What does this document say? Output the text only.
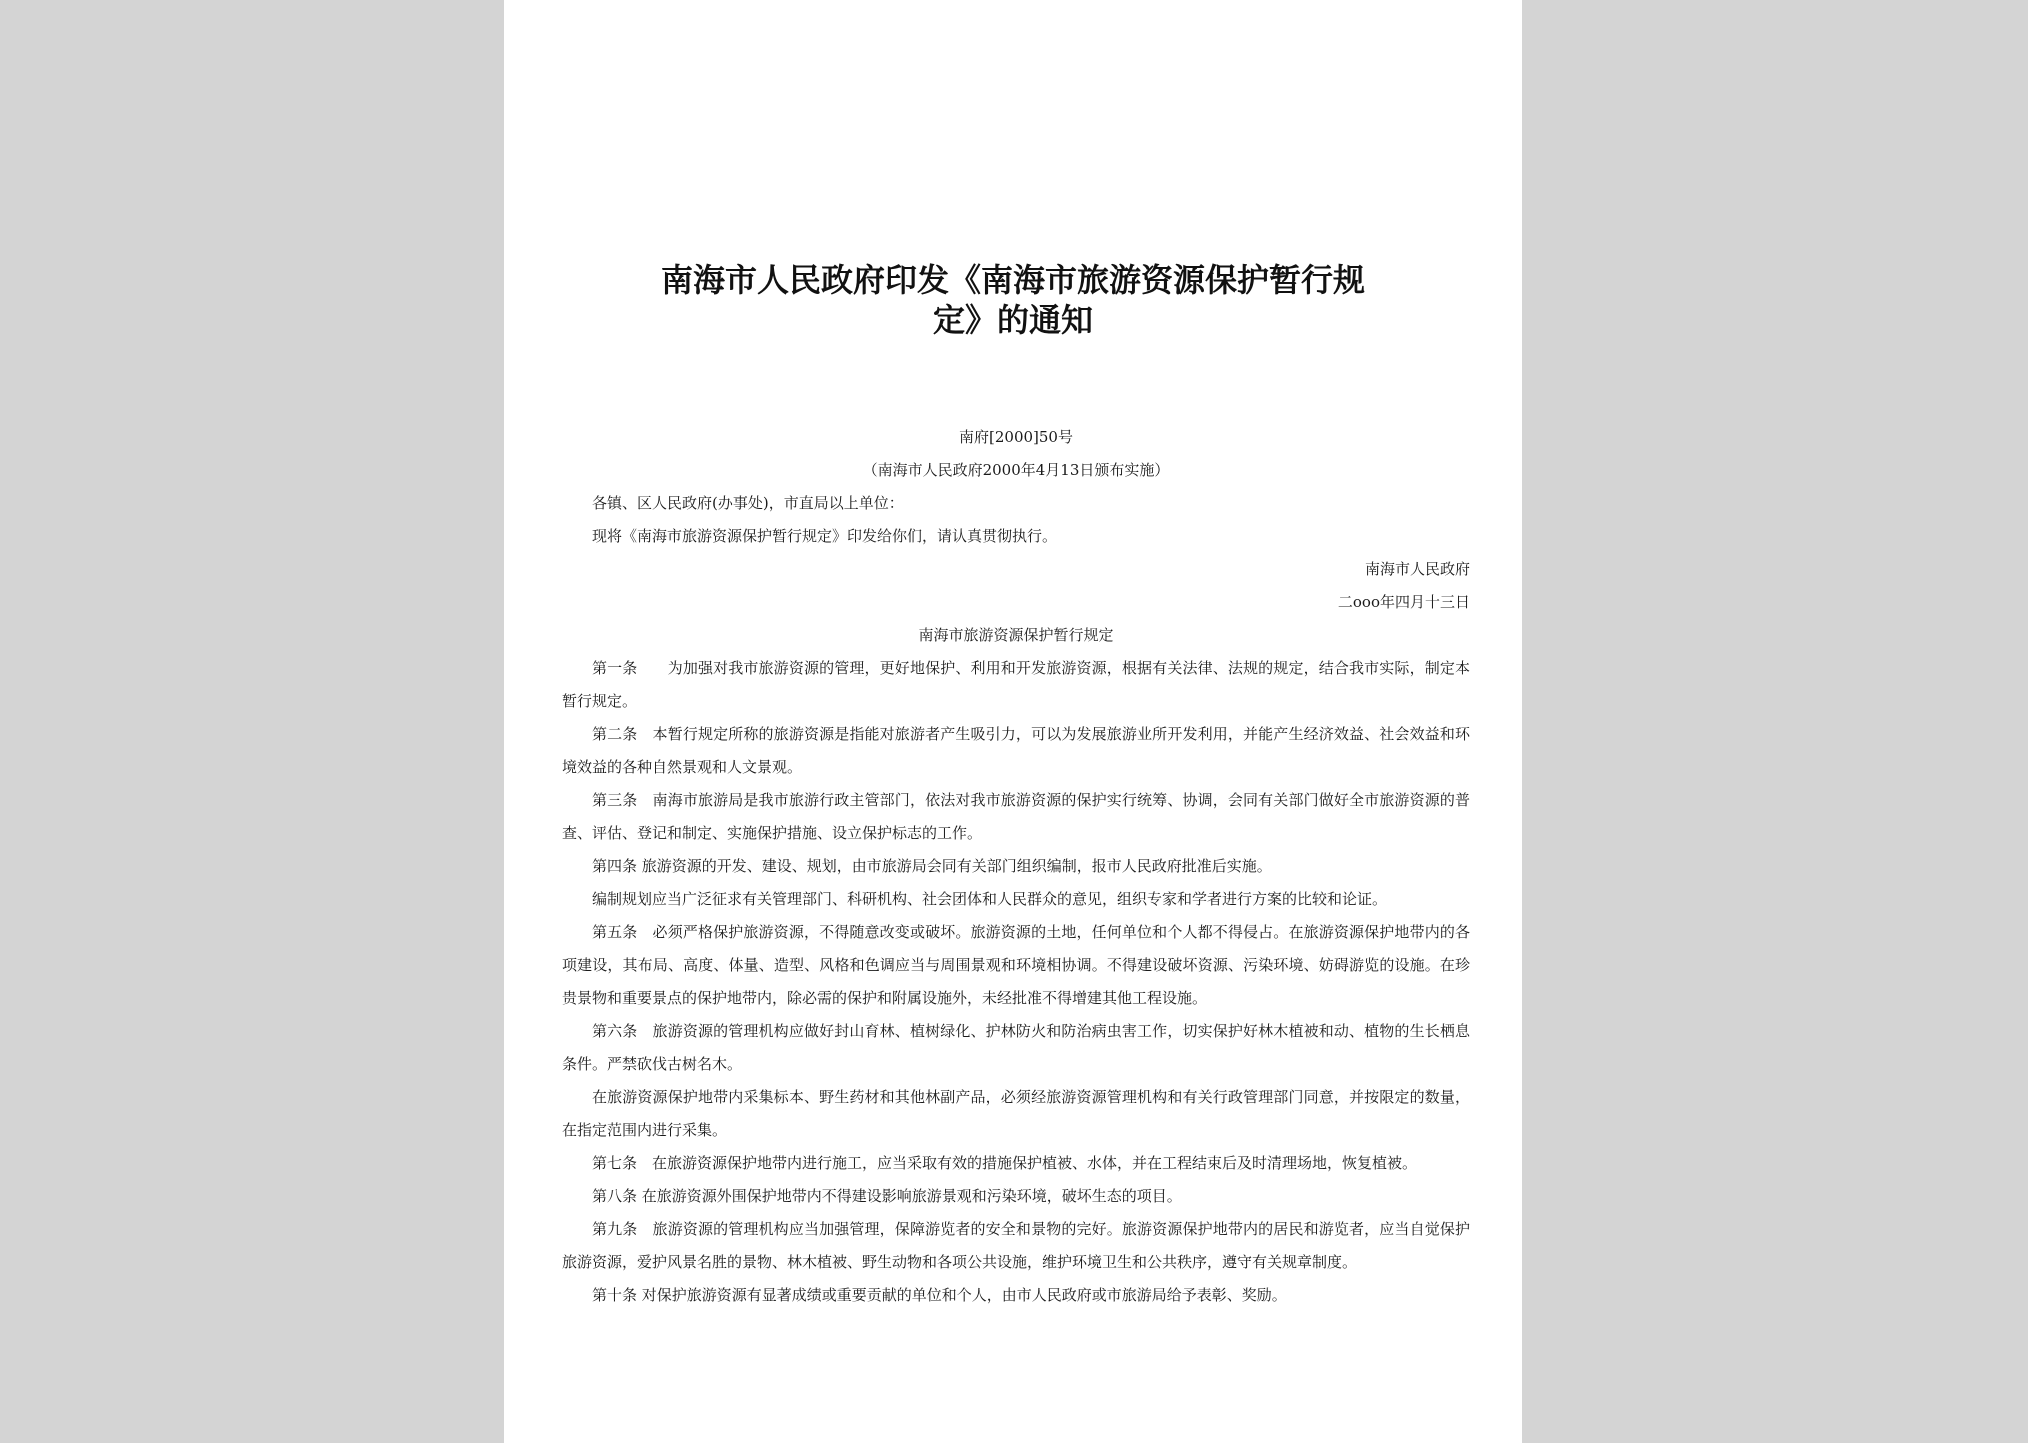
南海市人民政府印发《南海市旅游资源保护暂行规
定》的通知
南府[2000]50号
（南海市人民政府2000年4月13日颁布实施）

各镇、区人民政府(办事处)，市直局以上单位：

现将《南海市旅游资源保护暂行规定》印发给你们，请认真贯彻执行。

南海市人民政府
二ooo年四月十三日
南海市旅游资源保护暂行规定

第一条　　为加强对我市旅游资源的管理，更好地保护、利用和开发旅游资源，根据有关法律、法规的规定，结合我市实际，制定本暂行规定。

第二条　本暂行规定所称的旅游资源是指能对旅游者产生吸引力，可以为发展旅游业所开发利用，并能产生经济效益、社会效益和环境效益的各种自然景观和人文景观。

第三条　南海市旅游局是我市旅游行政主管部门，依法对我市旅游资源的保护实行统筹、协调，会同有关部门做好全市旅游资源的普查、评估、登记和制定、实施保护措施、设立保护标志的工作。

第四条 旅游资源的开发、建设、规划，由市旅游局会同有关部门组织编制，报市人民政府批准后实施。

编制规划应当广泛征求有关管理部门、科研机构、社会团体和人民群众的意见，组织专家和学者进行方案的比较和论证。

第五条　必须严格保护旅游资源，不得随意改变或破坏。旅游资源的土地，任何单位和个人都不得侵占。在旅游资源保护地带内的各项建设，其布局、高度、体量、造型、风格和色调应当与周围景观和环境相协调。不得建设破坏资源、污染环境、妨碍游览的设施。在珍贵景物和重要景点的保护地带内，除必需的保护和附属设施外，未经批准不得增建其他工程设施。

第六条　旅游资源的管理机构应做好封山育林、植树绿化、护林防火和防治病虫害工作，切实保护好林木植被和动、植物的生长栖息条件。严禁砍伐古树名木。

在旅游资源保护地带内采集标本、野生药材和其他林副产品，必须经旅游资源管理机构和有关行政管理部门同意，并按限定的数量，在指定范围内进行采集。

第七条　在旅游资源保护地带内进行施工，应当采取有效的措施保护植被、水体，并在工程结束后及时清理场地，恢复植被。

第八条 在旅游资源外围保护地带内不得建设影响旅游景观和污染环境，破坏生态的项目。

第九条　旅游资源的管理机构应当加强管理，保障游览者的安全和景物的完好。旅游资源保护地带内的居民和游览者，应当自觉保护旅游资源，爱护风景名胜的景物、林木植被、野生动物和各项公共设施，维护环境卫生和公共秩序，遵守有关规章制度。

第十条 对保护旅游资源有显著成绩或重要贡献的单位和个人，由市人民政府或市旅游局给予表彰、奖励。
